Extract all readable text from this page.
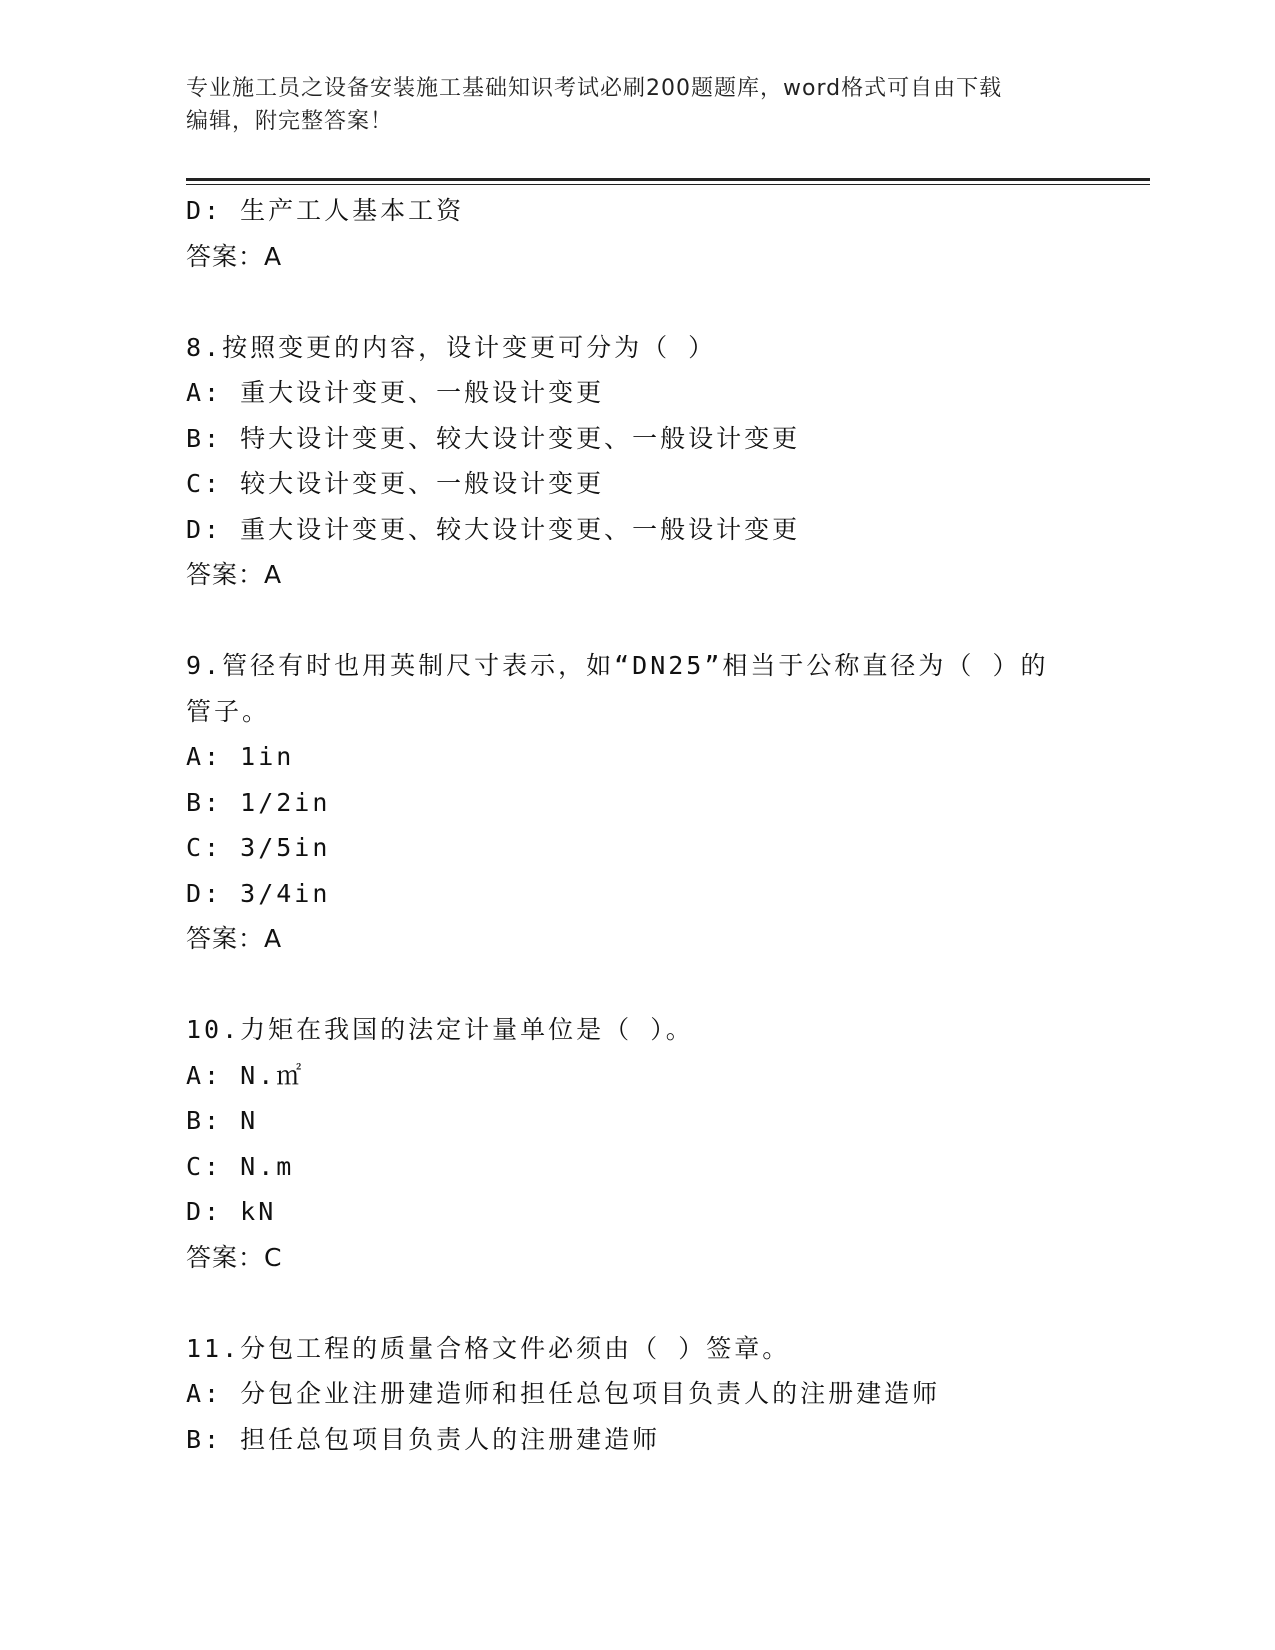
专业施工员之设备安装施工基础知识考试必刷200题题库，word格式可自由下载
编辑，附完整答案！
D: 生产工人基本工资
答案：A
8.按照变更的内容，设计变更可分为（ ）
A: 重大设计变更、一般设计变更
B: 特大设计变更、较大设计变更、一般设计变更
C: 较大设计变更、一般设计变更
D: 重大设计变更、较大设计变更、一般设计变更
答案：A
9.管径有时也用英制尺寸表示，如“DN25”相当于公称直径为（ ）的
管子。
A: 1in
B: 1/2in
C: 3/5in
D: 3/4in
答案：A
10.力矩在我国的法定计量单位是（ ）。
A: N.㎡
B: N
C: N.m
D: kN
答案：C
11.分包工程的质量合格文件必须由（ ）签章。
A: 分包企业注册建造师和担任总包项目负责人的注册建造师
B: 担任总包项目负责人的注册建造师
